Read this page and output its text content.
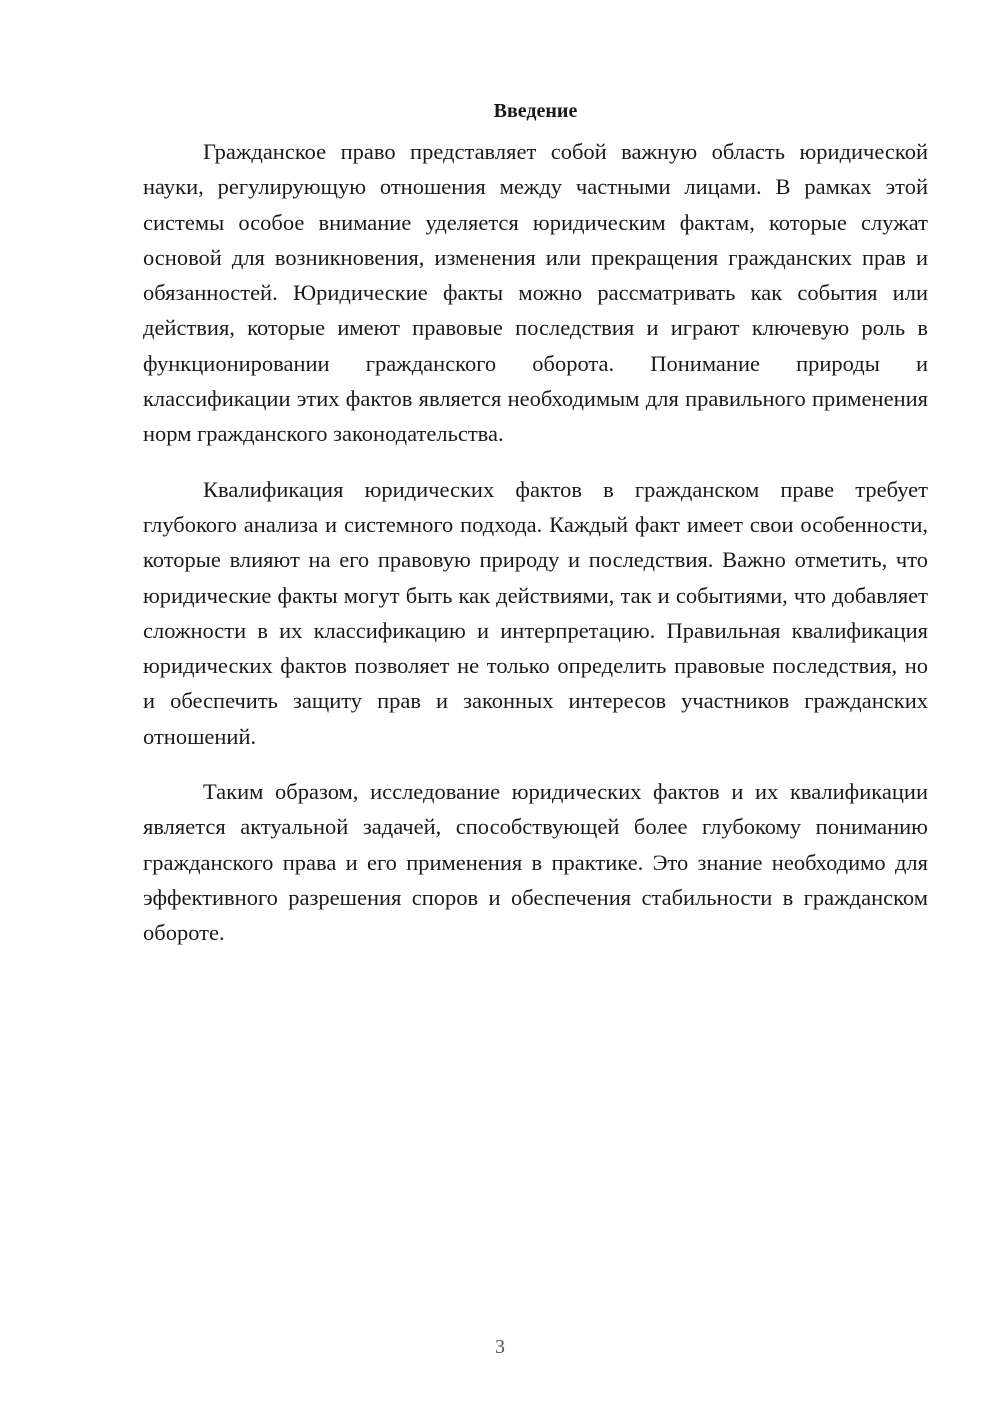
Введение

Гражданское право представляет собой важную область юридической науки, регулирующую отношения между частными лицами. В рамках этой системы особое внимание уделяется юридическим фактам, которые служат основой для возникновения, изменения или прекращения гражданских прав и обязанностей. Юридические факты можно рассматривать как события или действия, которые имеют правовые последствия и играют ключевую роль в функционировании гражданского оборота. Понимание природы и классификации этих фактов является необходимым для правильного применения норм гражданского законодательства.

Квалификация юридических фактов в гражданском праве требует глубокого анализа и системного подхода. Каждый факт имеет свои особенности, которые влияют на его правовую природу и последствия. Важно отметить, что юридические факты могут быть как действиями, так и событиями, что добавляет сложности в их классификацию и интерпретацию. Правильная квалификация юридических фактов позволяет не только определить правовые последствия, но и обеспечить защиту прав и законных интересов участников гражданских отношений.

Таким образом, исследование юридических фактов и их квалификации является актуальной задачей, способствующей более глубокому пониманию гражданского права и его применения в практике. Это знание необходимо для эффективного разрешения споров и обеспечения стабильности в гражданском обороте.

3
